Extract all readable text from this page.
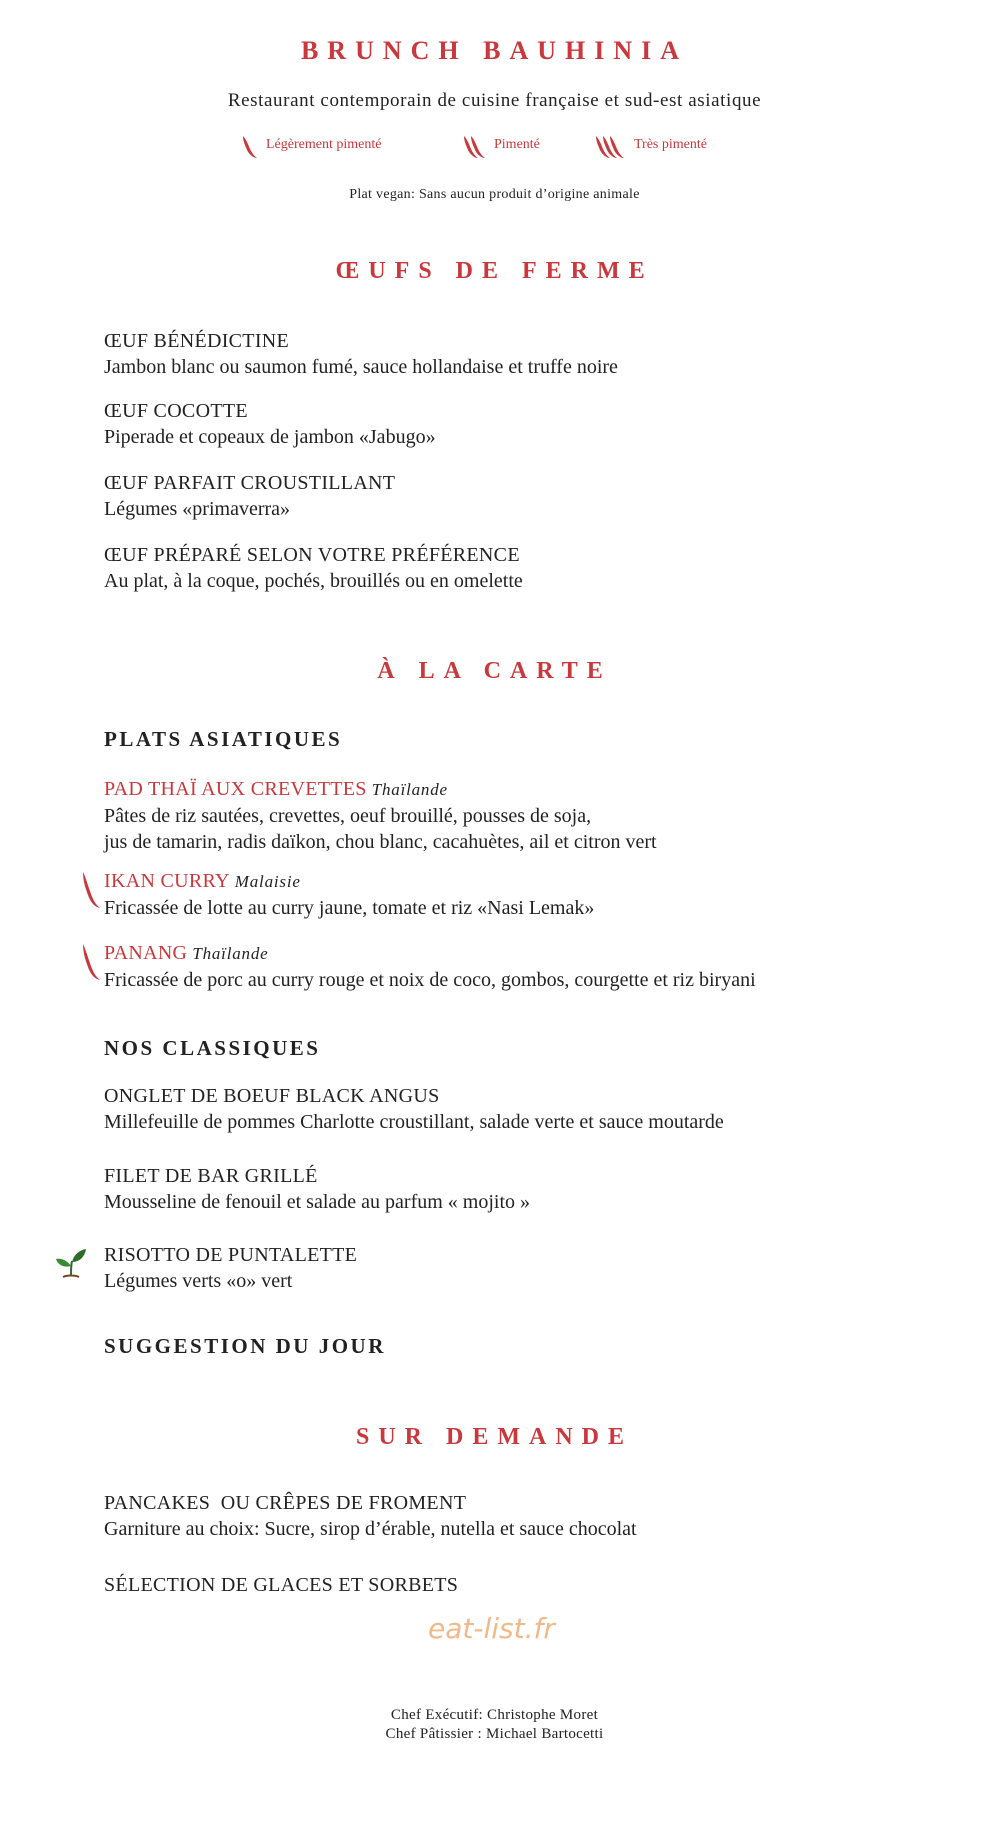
BRUNCH BAUHINIA
Restaurant contemporain de cuisine française et sud-est asiatique
Légèrement pimenté	Pimenté	Très pimenté
Plat vegan: Sans aucun produit d’origine animale
ŒUFS DE FERME
ŒUF BÉNÉDICTINE
Jambon blanc ou saumon fumé, sauce hollandaise et truffe noire
ŒUF COCOTTE
Piperade et copeaux de jambon «Jabugo»
ŒUF PARFAIT CROUSTILLANT
Légumes «primaverra»
ŒUF PRÉPARÉ SELON VOTRE PRÉFÉRENCE
Au plat, à la coque, pochés, brouillés ou en omelette
À LA CARTE
PLATS ASIATIQUES
PAD THAÏ AUX CREVETTES Thaïlande
Pâtes de riz sautées, crevettes, oeuf brouillé, pousses de soja,
jus de tamarin, radis daïkon, chou blanc, cacahuètes, ail et citron vert
IKAN CURRY Malaisie
Fricassée de lotte au curry jaune, tomate et riz «Nasi Lemak»
PANANG Thaïlande
Fricassée de porc au curry rouge et noix de coco, gombos, courgette et riz biryani
NOS CLASSIQUES
ONGLET DE BOEUF BLACK ANGUS
Millefeuille de pommes Charlotte croustillant, salade verte et sauce moutarde
FILET DE BAR GRILLÉ
Mousseline de fenouil et salade au parfum « mojito »
RISOTTO DE PUNTALETTE
Légumes verts «o» vert
SUGGESTION DU JOUR
SUR DEMANDE
PANCAKES  OU CRÊPES DE FROMENT
Garniture au choix: Sucre, sirop d’érable, nutella et sauce chocolat
SÉLECTION DE GLACES ET SORBETS
eat-list.fr
Chef Exécutif: Christophe Moret
Chef Pâtissier : Michael Bartocetti
